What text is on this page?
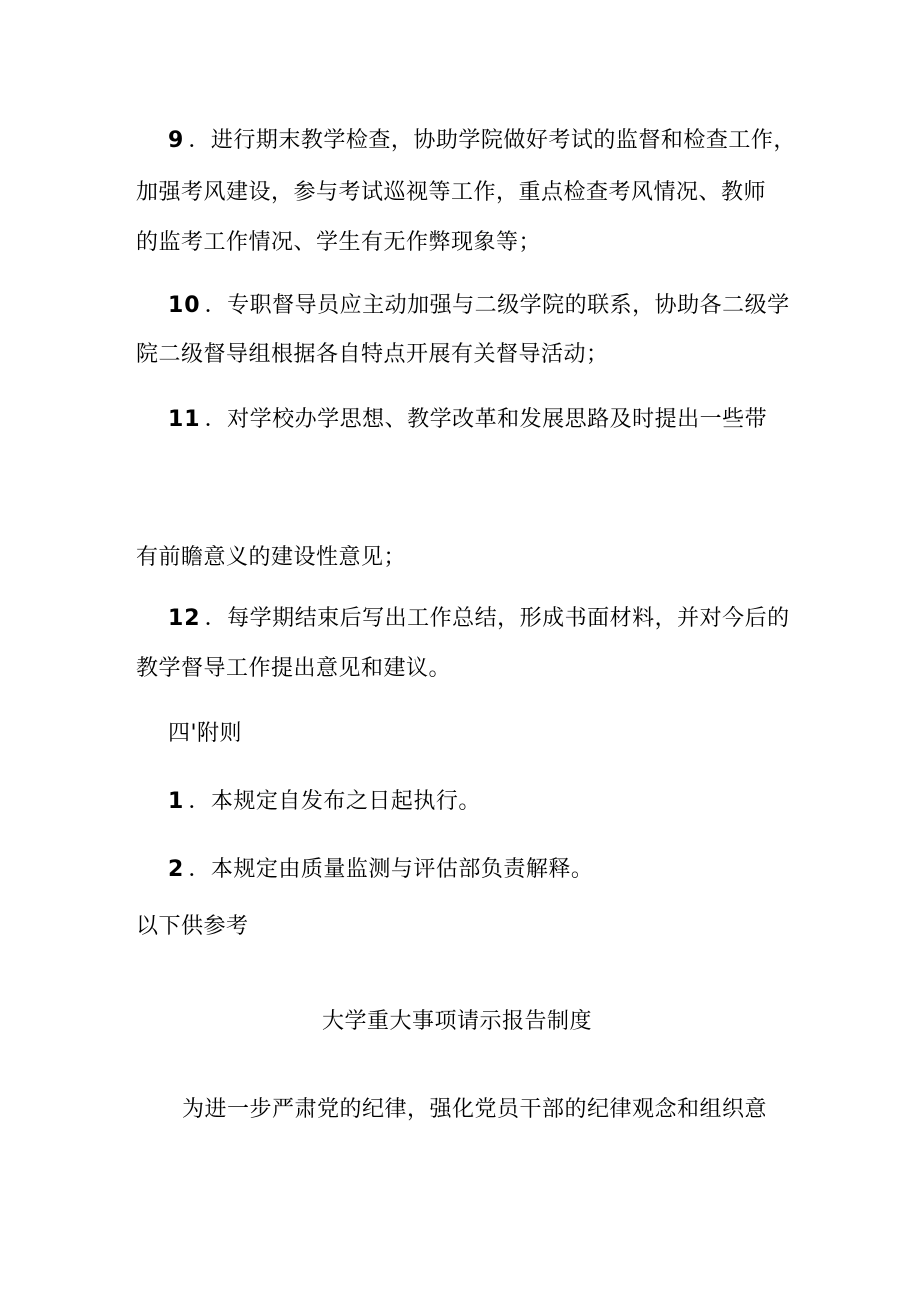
9 ．进行期末教学检查，协助学院做好考试的监督和检查工作，
加强考风建设，参与考试巡视等工作，重点检查考风情况、教师
的监考工作情况、学生有无作弊现象等；
10 ．专职督导员应主动加强与二级学院的联系，协助各二级学
院二级督导组根据各自特点开展有关督导活动；
11 ．对学校办学思想、教学改革和发展思路及时提出一些带
有前瞻意义的建设性意见；
12 ．每学期结束后写出工作总结，形成书面材料，并对今后的
教学督导工作提出意见和建议。
四'附则
1 ．本规定自发布之日起执行。
2 ．本规定由质量监测与评估部负责解释。
以下供参考
大学重大事项请示报告制度
为进一步严肃党的纪律，强化党员干部的纪律观念和组织意
